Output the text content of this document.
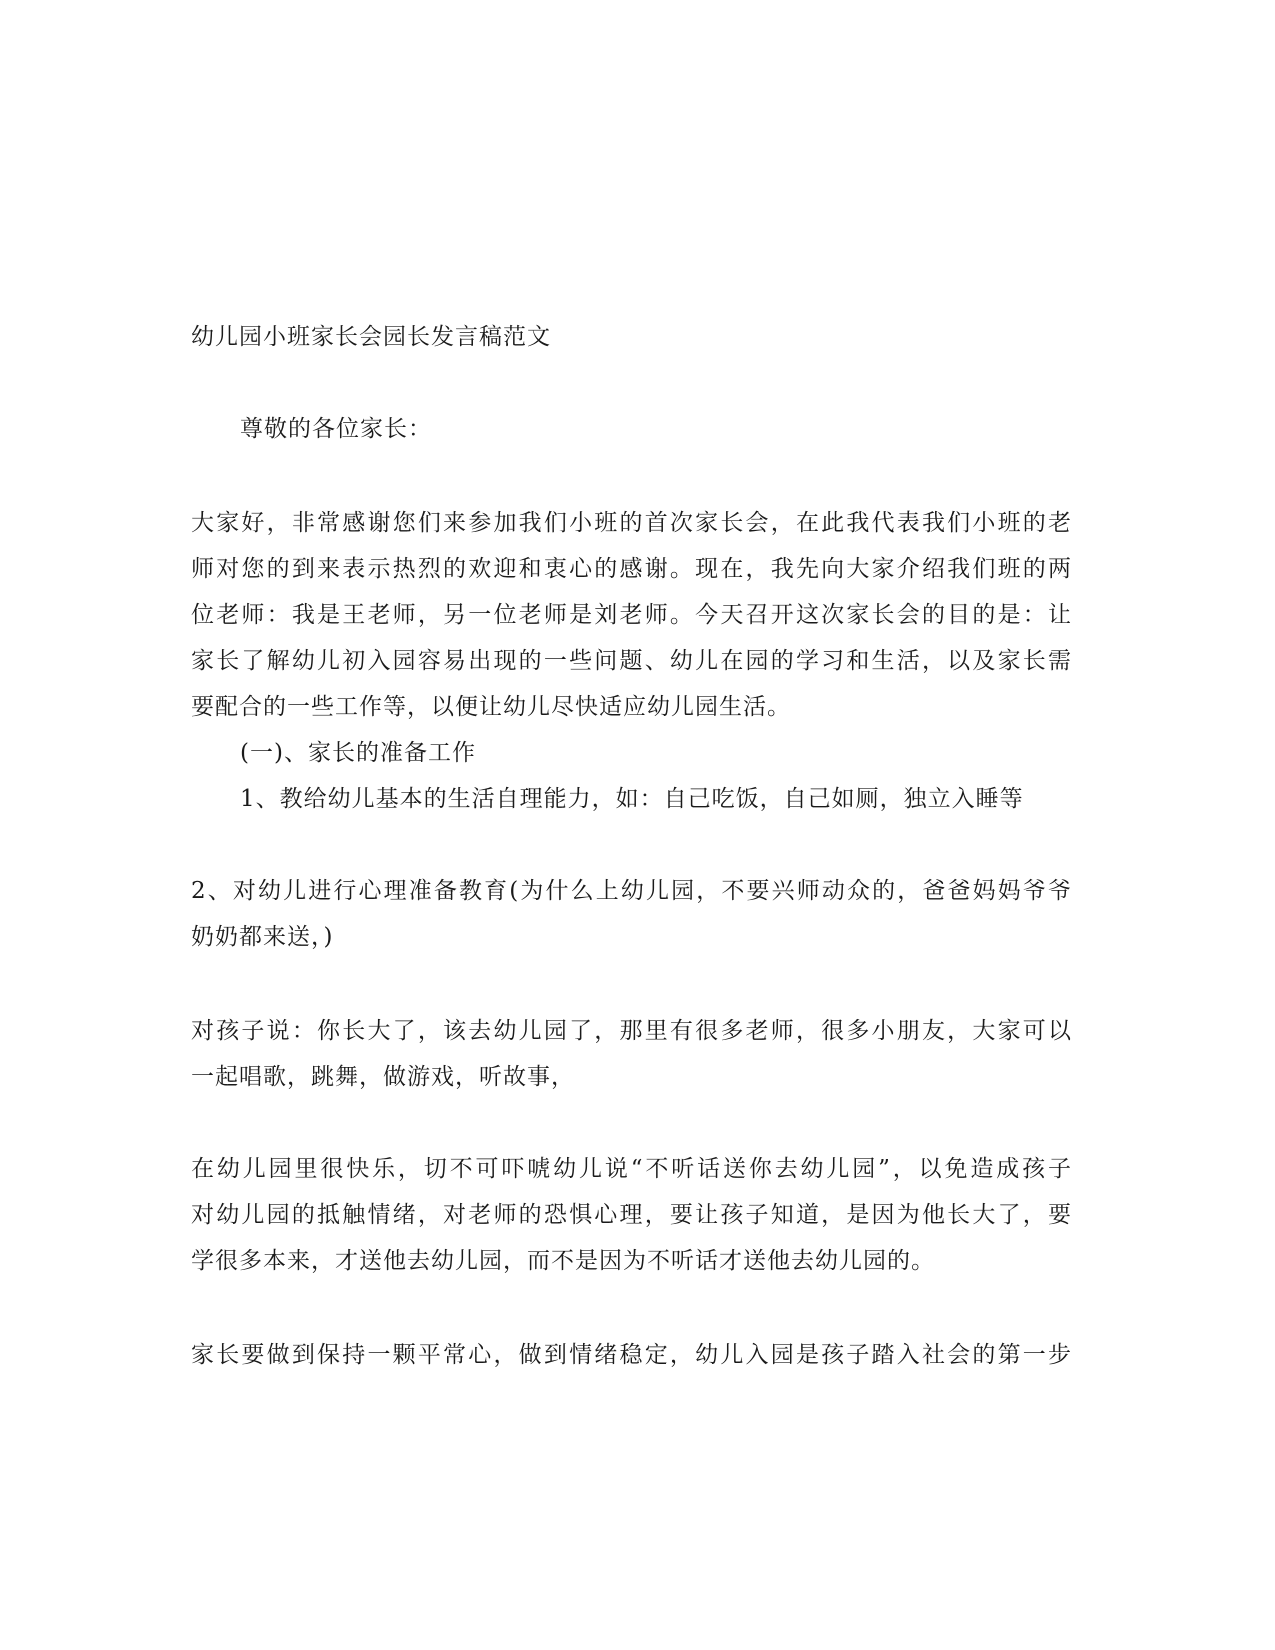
幼儿园小班家长会园长发言稿范文
尊敬的各位家长：
大家好，非常感谢您们来参加我们小班的首次家长会，在此我代表我们小班的老
师对您的到来表示热烈的欢迎和衷心的感谢。现在，我先向大家介绍我们班的两
位老师：我是王老师，另一位老师是刘老师。今天召开这次家长会的目的是：让
家长了解幼儿初入园容易出现的一些问题、幼儿在园的学习和生活，以及家长需
要配合的一些工作等，以便让幼儿尽快适应幼儿园生活。
(一)、家长的准备工作
1、教给幼儿基本的生活自理能力，如：自己吃饭，自己如厕，独立入睡等
2、对幼儿进行心理准备教育(为什么上幼儿园，不要兴师动众的，爸爸妈妈爷爷
奶奶都来送，)
对孩子说：你长大了，该去幼儿园了，那里有很多老师，很多小朋友，大家可以
一起唱歌，跳舞，做游戏，听故事，
在幼儿园里很快乐，切不可吓唬幼儿说“不听话送你去幼儿园”，以免造成孩子
对幼儿园的抵触情绪，对老师的恐惧心理，要让孩子知道，是因为他长大了，要
学很多本来，才送他去幼儿园，而不是因为不听话才送他去幼儿园的。
家长要做到保持一颗平常心，做到情绪稳定，幼儿入园是孩子踏入社会的第一步
